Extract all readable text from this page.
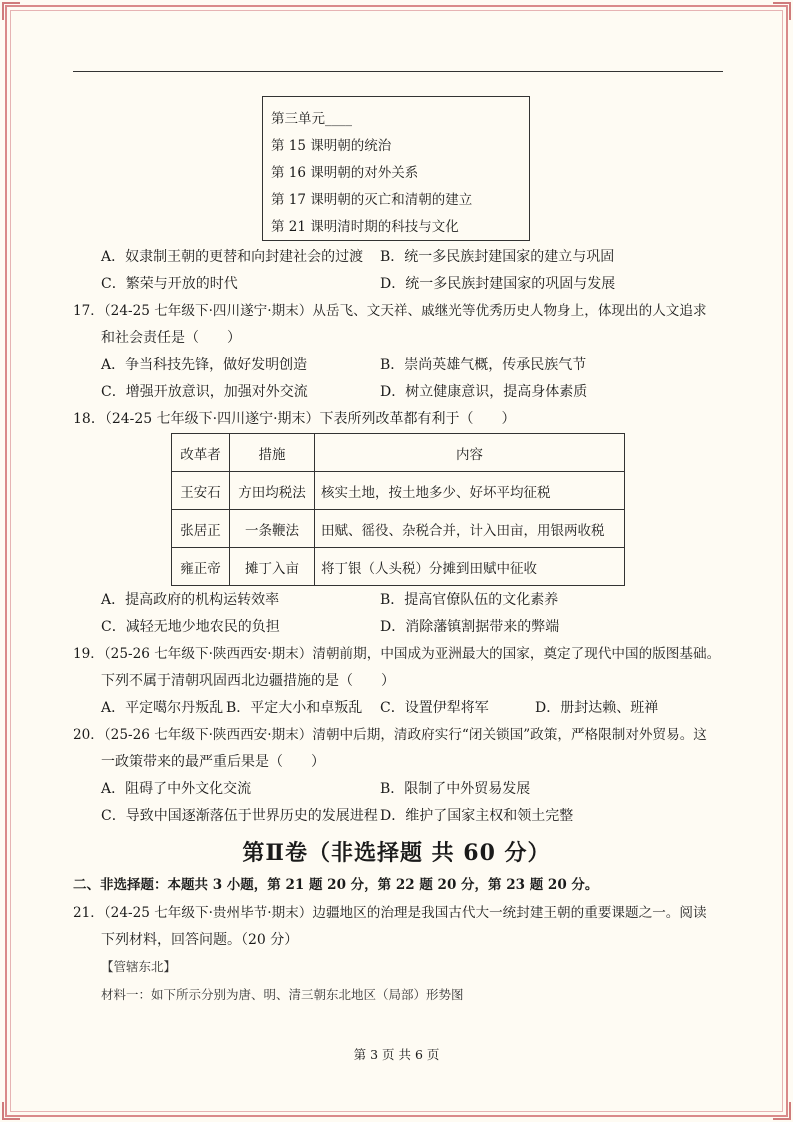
第三单元____
第 15 课明朝的统治
第 16 课明朝的对外关系
第 17 课明朝的灭亡和清朝的建立
第 21 课明清时期的科技与文化
A．奴隶制王朝的更替和向封建社会的过渡 B．统一多民族封建国家的建立与巩固
C．繁荣与开放的时代	D．统一多民族封建国家的巩固与发展
17．（24-25 七年级下·四川遂宁·期末）从岳飞、文天祥、戚继光等优秀历史人物身上，体现出的人文追求
和社会责任是（　　）
A．争当科技先锋，做好发明创造	B．崇尚英雄气概，传承民族气节
C．增强开放意识，加强对外交流	D．树立健康意识，提高身体素质
18．（24-25 七年级下·四川遂宁·期末）下表所列改革都有利于（　　）
改革者	措施	内容
王安石	方田均税法	核实土地，按土地多少、好坏平均征税
张居正	一条鞭法	田赋、徭役、杂税合并，计入田亩，用银两收税
雍正帝	摊丁入亩	将丁银（人头税）分摊到田赋中征收
A．提高政府的机构运转效率	B．提高官僚队伍的文化素养
C．减轻无地少地农民的负担	D．消除藩镇割据带来的弊端
19．（25-26 七年级下·陕西西安·期末）清朝前期，中国成为亚洲最大的国家，奠定了现代中国的版图基础。
下列不属于清朝巩固西北边疆措施的是（　　）
A．平定噶尔丹叛乱 B．平定大小和卓叛乱 C．设置伊犁将军	D．册封达赖、班禅
20．（25-26 七年级下·陕西西安·期末）清朝中后期，清政府实行“闭关锁国”政策，严格限制对外贸易。这
一政策带来的最严重后果是（　　）
A．阻碍了中外文化交流	B．限制了中外贸易发展
C．导致中国逐渐落伍于世界历史的发展进程 D．维护了国家主权和领土完整
第Ⅱ卷（非选择题 共 60 分）
二、非选择题：本题共 3 小题，第 21 题 20 分，第 22 题 20 分，第 23 题 20 分。
21．（24-25 七年级下·贵州毕节·期末）边疆地区的治理是我国古代大一统封建王朝的重要课题之一。阅读
下列材料，回答问题。（20 分）
【管辖东北】
材料一：如下所示分别为唐、明、清三朝东北地区（局部）形势图
第 3 页 共 6 页
